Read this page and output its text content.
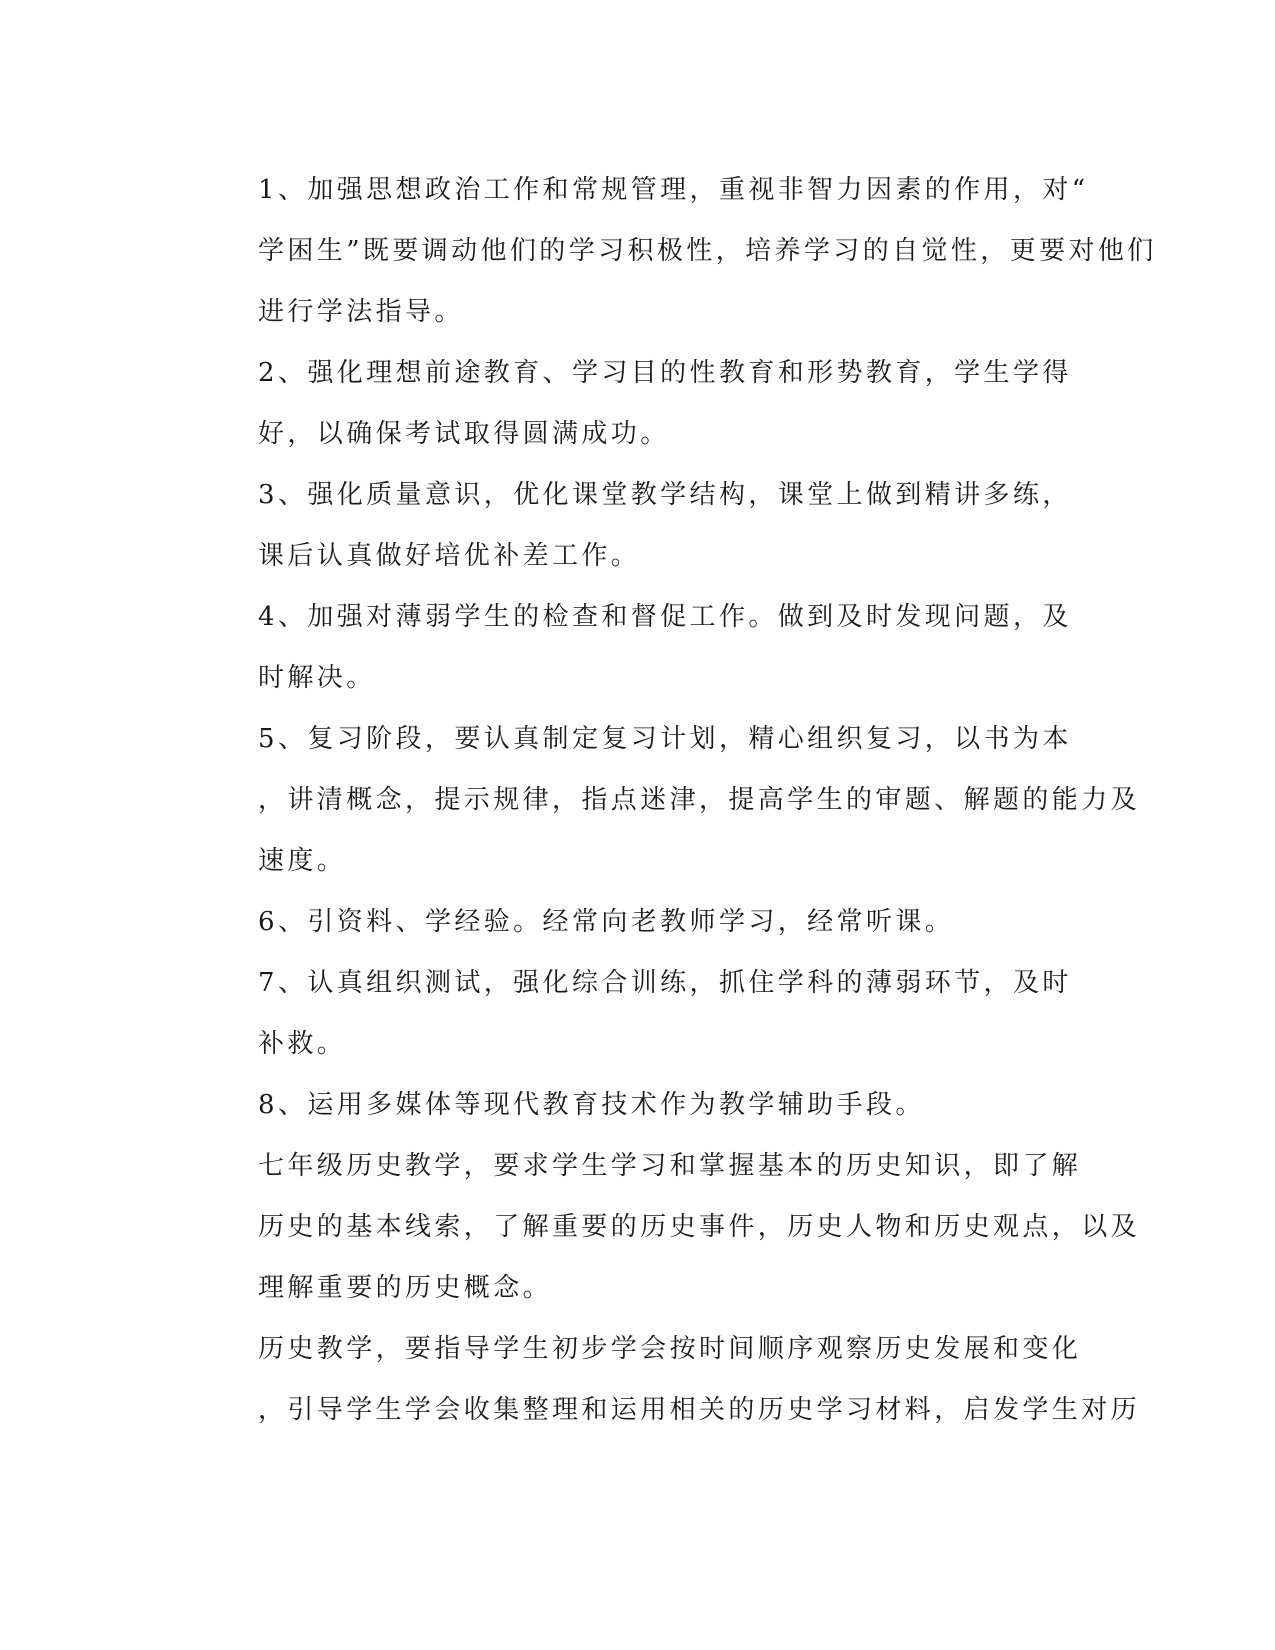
1、加强思想政治工作和常规管理，重视非智力因素的作用，对“
学困生”既要调动他们的学习积极性，培养学习的自觉性，更要对他们
进行学法指导。

2、强化理想前途教育、学习目的性教育和形势教育，学生学得
好，以确保考试取得圆满成功。

3、强化质量意识，优化课堂教学结构，课堂上做到精讲多练，
课后认真做好培优补差工作。

4、加强对薄弱学生的检查和督促工作。做到及时发现问题，及
时解决。

5、复习阶段，要认真制定复习计划，精心组织复习，以书为本
，讲清概念，提示规律，指点迷津，提高学生的审题、解题的能力及
速度。

6、引资料、学经验。经常向老教师学习，经常听课。

7、认真组织测试，强化综合训练，抓住学科的薄弱环节，及时
补救。

8、运用多媒体等现代教育技术作为教学辅助手段。

七年级历史教学，要求学生学习和掌握基本的历史知识，即了解
历史的基本线索，了解重要的历史事件，历史人物和历史观点，以及
理解重要的历史概念。

历史教学，要指导学生初步学会按时间顺序观察历史发展和变化
，引导学生学会收集整理和运用相关的历史学习材料，启发学生对历
